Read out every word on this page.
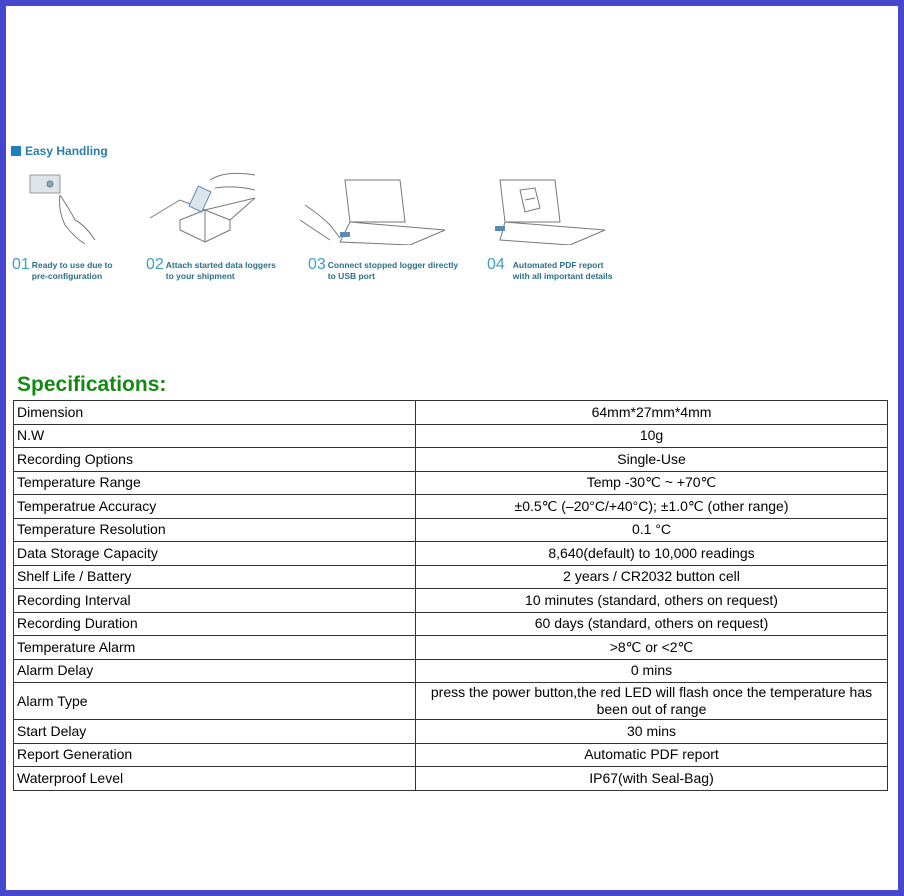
Easy Handling
01 Ready to use due to
pre-configuration
02 Attach started data loggers
to your shipment
03 Connect stopped logger directly
to USB port
04 Automated PDF report
with all important details
Specifications:
Dimension	64mm*27mm*4mm
N.W	10g
Recording Options	Single-Use
Temperature Range	Temp -30℃ ~ +70℃
Temperatrue Accuracy	±0.5℃ (–20°C/+40°C); ±1.0℃ (other range)
Temperature Resolution	0.1 °C
Data Storage Capacity	8,640(default) to 10,000 readings
Shelf Life / Battery	2 years / CR2032 button cell
Recording Interval	10 minutes (standard, others on request)
Recording Duration	60 days (standard, others on request)
Temperature Alarm	>8℃ or <2℃
Alarm Delay	0 mins
Alarm Type	press the power button,the red LED will flash once the temperature has been out of range
Start Delay	30 mins
Report Generation	Automatic PDF report
Waterproof Level	IP67(with Seal-Bag)
